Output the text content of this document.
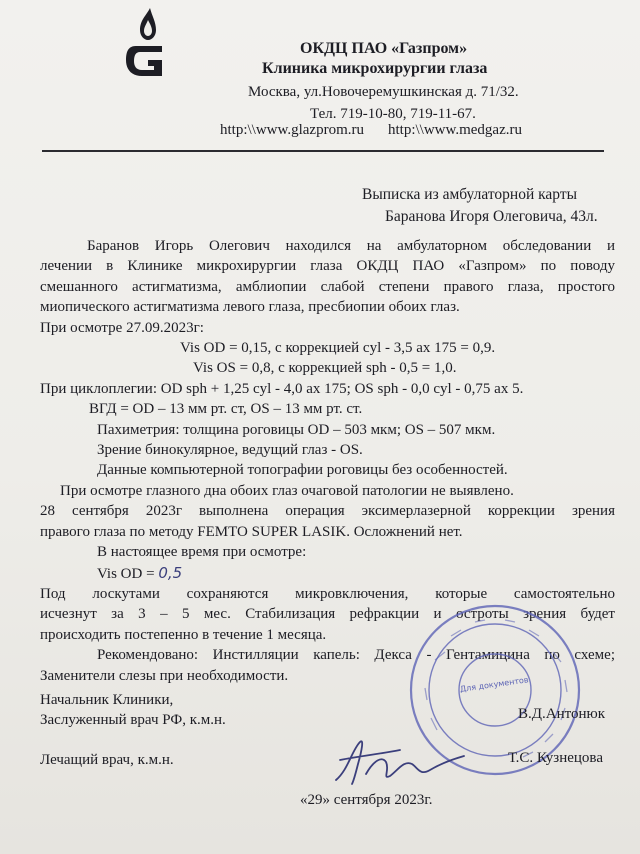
ОКДЦ ПАО «Газпром»
Клиника микрохирургии глаза
Москва, ул.Новочеремушкинская д. 71/32.
Тел. 719-10-80, 719-11-67.
http:\\www.glazprom.ru http:\\www.medgaz.ru
Выписка из амбулаторной карты
Баранова Игоря Олеговича, 43л.

Баранов Игорь Олегович находился на амбулаторном обследовании и

лечении в Клинике микрохирургии глаза ОКДЦ ПАО «Газпром» по поводу

смешанного астигматизма, амблиопии слабой степени правого глаза, простого

миопического астигматизма левого глаза, пресбиопии обоих глаз.

При осмотре 27.09.2023г:

Vis OD = 0,15, с коррекцией cyl - 3,5 ax 175 = 0,9.

Vis OS = 0,8, с коррекцией sph - 0,5 = 1,0.

При циклоплегии: OD sph + 1,25 cyl - 4,0 ax 175; OS sph - 0,0 cyl - 0,75 ax 5.

ВГД = OD – 13 мм рт. ст, OS – 13 мм рт. ст.

Пахиметрия: толщина роговицы OD – 503 мкм; OS – 507 мкм.

Зрение бинокулярное, ведущий глаз - OS.

Данные компьютерной топографии роговицы без особенностей.

При осмотре глазного дна обоих глаз очаговой патологии не выявлено.

28 сентября 2023г выполнена операция эксимерлазерной коррекции зрения

правого глаза по методу FEMTO SUPER LASIK. Осложнений нет.

В настоящее время при осмотре:

Vis OD = 0,5

Под лоскутами сохраняются микровключения, которые самостоятельно

исчезнут за 3 – 5 мес. Стабилизация рефракции и остроты зрения будет

происходить постепенно в течение 1 месяца.

Рекомендовано: Инстилляции капель: Декса - Гентамицина по схеме;

Заменители слезы при необходимости.	Для документов
Начальник Клиники,
Заслуженный врач РФ, к.м.н.	В.Д.Антонюк
Лечащий врач, к.м.н.	Т.С. Кузнецова
«29» сентября 2023г.
